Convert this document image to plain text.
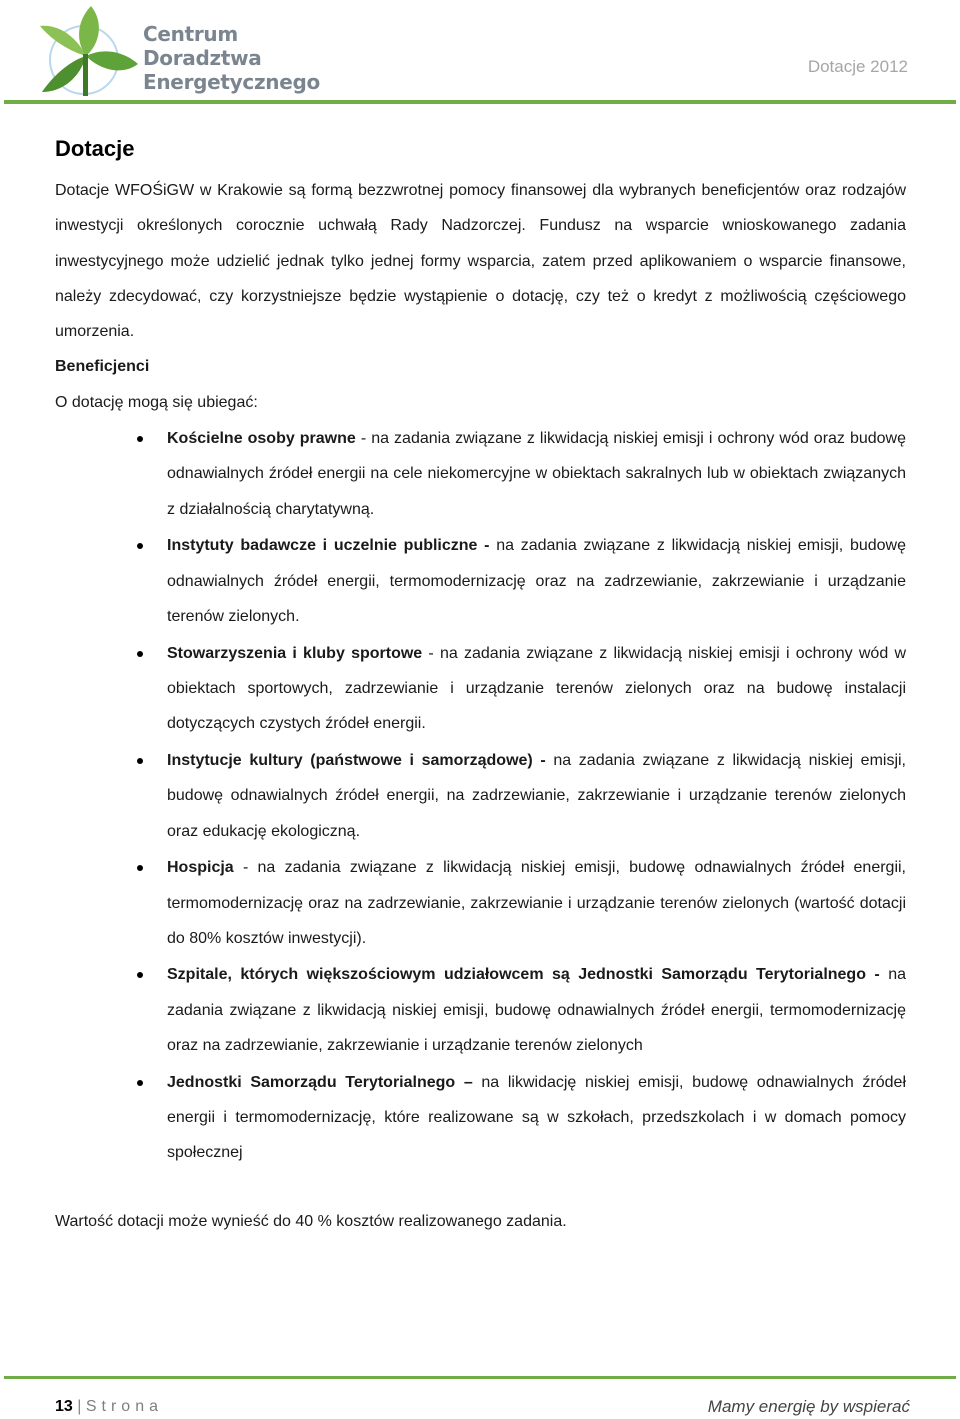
Centrum
Doradztwa
Energetycznego
Dotacje 2012
Dotacje

Dotacje WFOŚiGW w Krakowie są formą bezzwrotnej pomocy finansowej dla wybranych beneficjentów oraz rodzajów inwestycji określonych corocznie uchwałą Rady Nadzorczej. Fundusz na wsparcie wnioskowanego zadania inwestycyjnego może udzielić jednak tylko jednej formy wsparcia, zatem przed aplikowaniem o wsparcie finansowe, należy zdecydować, czy korzystniejsze będzie wystąpienie o dotację, czy też o kredyt z możliwością częściowego umorzenia.

Beneficjenci

O dotację mogą się ubiegać:

Kościelne osoby prawne - na zadania związane z likwidacją niskiej emisji i ochrony wód oraz budowę odnawialnych źródeł energii na cele niekomercyjne w obiektach sakralnych lub w obiektach związanych z działalnością charytatywną.
Instytuty badawcze i uczelnie publiczne - na zadania związane z likwidacją niskiej emisji, budowę odnawialnych źródeł energii, termomodernizację oraz na zadrzewianie, zakrzewianie i urządzanie terenów zielonych.
Stowarzyszenia i kluby sportowe - na zadania związane z likwidacją niskiej emisji i ochrony wód w obiektach sportowych, zadrzewianie i urządzanie terenów zielonych oraz na budowę instalacji dotyczących czystych źródeł energii.
Instytucje kultury (państwowe i samorządowe) - na zadania związane z likwidacją niskiej emisji, budowę odnawialnych źródeł energii, na zadrzewianie, zakrzewianie i urządzanie terenów zielonych oraz edukację ekologiczną.
Hospicja - na zadania związane z likwidacją niskiej emisji, budowę odnawialnych źródeł energii, termomodernizację oraz na zadrzewianie, zakrzewianie i urządzanie terenów zielonych (wartość dotacji do 80% kosztów inwestycji).
Szpitale, których większościowym udziałowcem są Jednostki Samorządu Terytorialnego - na zadania związane z likwidacją niskiej emisji, budowę odnawialnych źródeł energii, termomodernizację oraz na zadrzewianie, zakrzewianie i urządzanie terenów zielonych
Jednostki Samorządu Terytorialnego – na likwidację niskiej emisji, budowę odnawialnych źródeł energii i termomodernizację, które realizowane są w szkołach, przedszkolach i w domach pomocy społecznej

Wartość dotacji może wynieść do 40 % kosztów realizowanego zadania.

13 | Strona	Mamy energię by wspierać
